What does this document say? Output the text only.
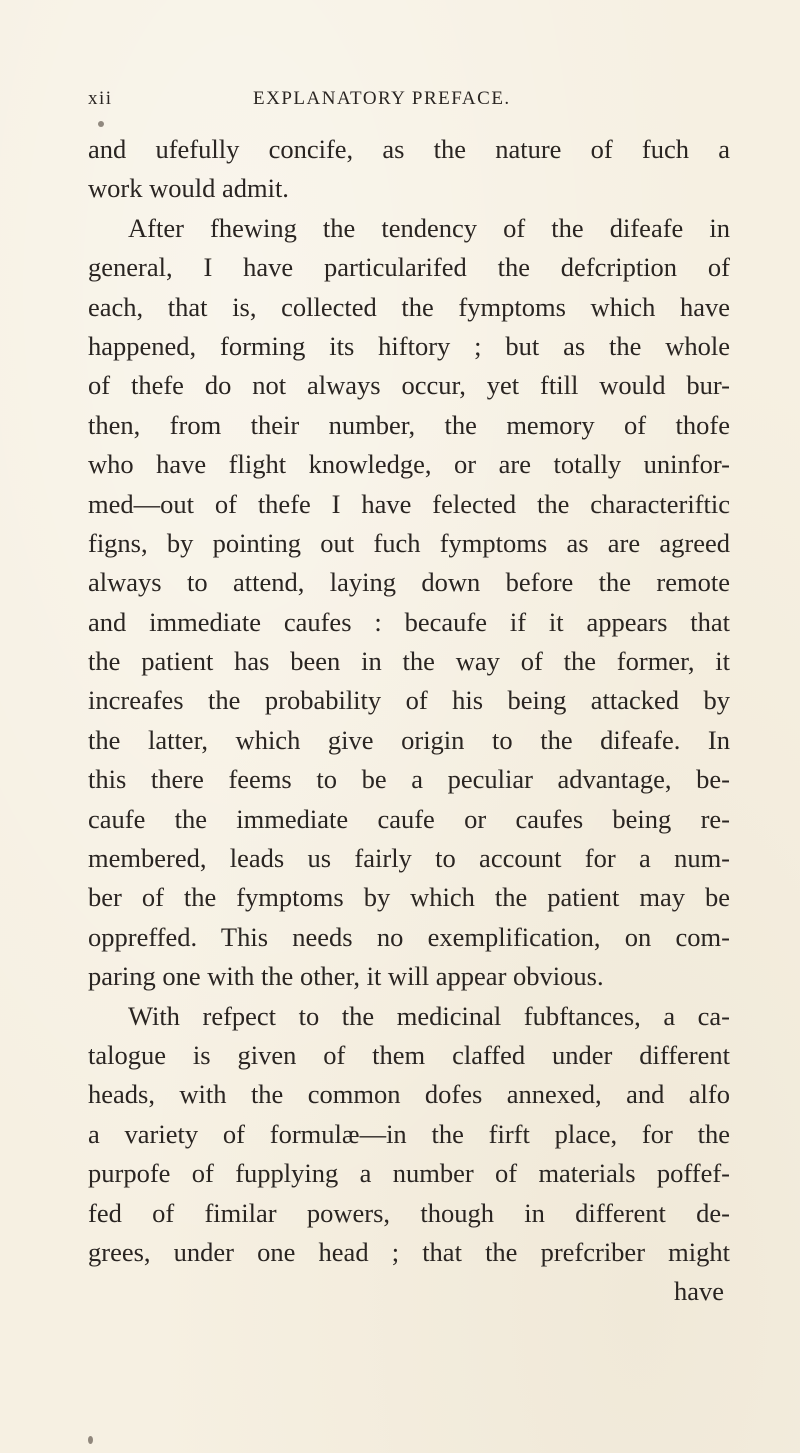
xii	EXPLANATORY PREFACE.
and ufefully concife, as the nature of fuch a
work would admit.
After fhewing the tendency of the difeafe in
general, I have particularifed the defcription of
each, that is, collected the fymptoms which have
happened, forming its hiftory ; but as the whole
of thefe do not always occur, yet ftill would bur-
then, from their number, the memory of thofe
who have flight knowledge, or are totally uninfor-
med—out of thefe I have felected the characteriftic
figns, by pointing out fuch fymptoms as are agreed
always to attend, laying down before the remote
and immediate caufes : becaufe if it appears that
the patient has been in the way of the former, it
increafes the probability of his being attacked by
the latter, which give origin to the difeafe. In
this there feems to be a peculiar advantage, be-
caufe the immediate caufe or caufes being re-
membered, leads us fairly to account for a num-
ber of the fymptoms by which the patient may be
oppreffed. This needs no exemplification, on com-
paring one with the other, it will appear obvious.
With refpect to the medicinal fubftances, a ca-
talogue is given of them claffed under different
heads, with the common dofes annexed, and alfo
a variety of formulæ—in the firft place, for the
purpofe of fupplying a number of materials poffef-
fed of fimilar powers, though in different de-
grees, under one head ; that the prefcriber might
have
